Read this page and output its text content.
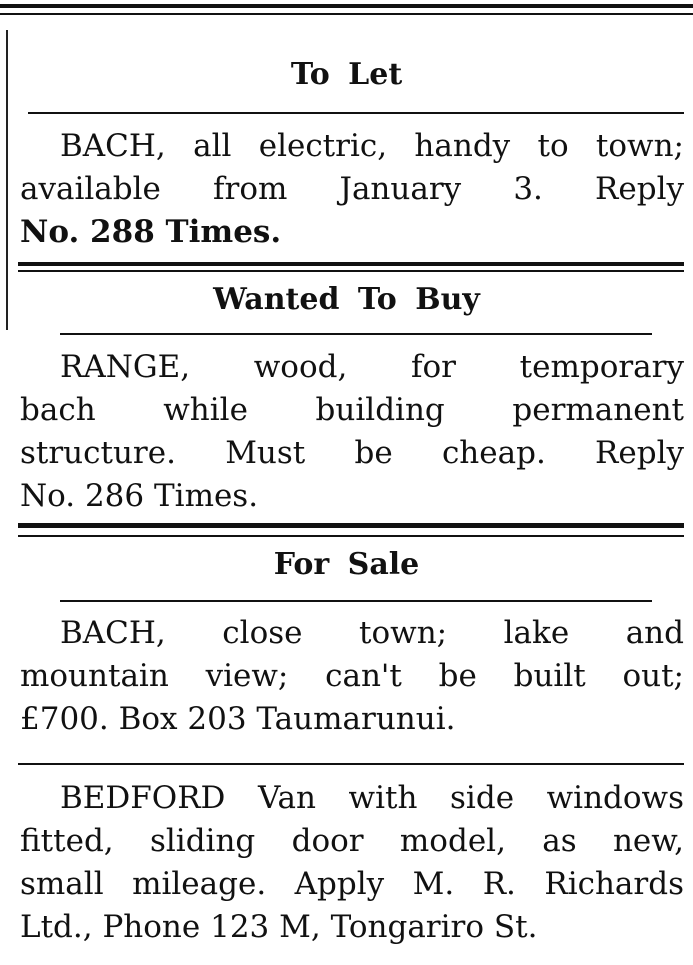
To Let
BACH, all electric, handy to town;
available from January 3. Reply
No. 288 Times.
Wanted To Buy
RANGE, wood, for temporary
bach while building permanent
structure. Must be cheap. Reply
No. 286 Times.
For Sale
BACH, close town; lake and
mountain view; can't be built out;
£700. Box 203 Taumarunui.
BEDFORD Van with side windows
fitted, sliding door model, as new,
small mileage. Apply M. R. Richards
Ltd., Phone 123 M, Tongariro St.
